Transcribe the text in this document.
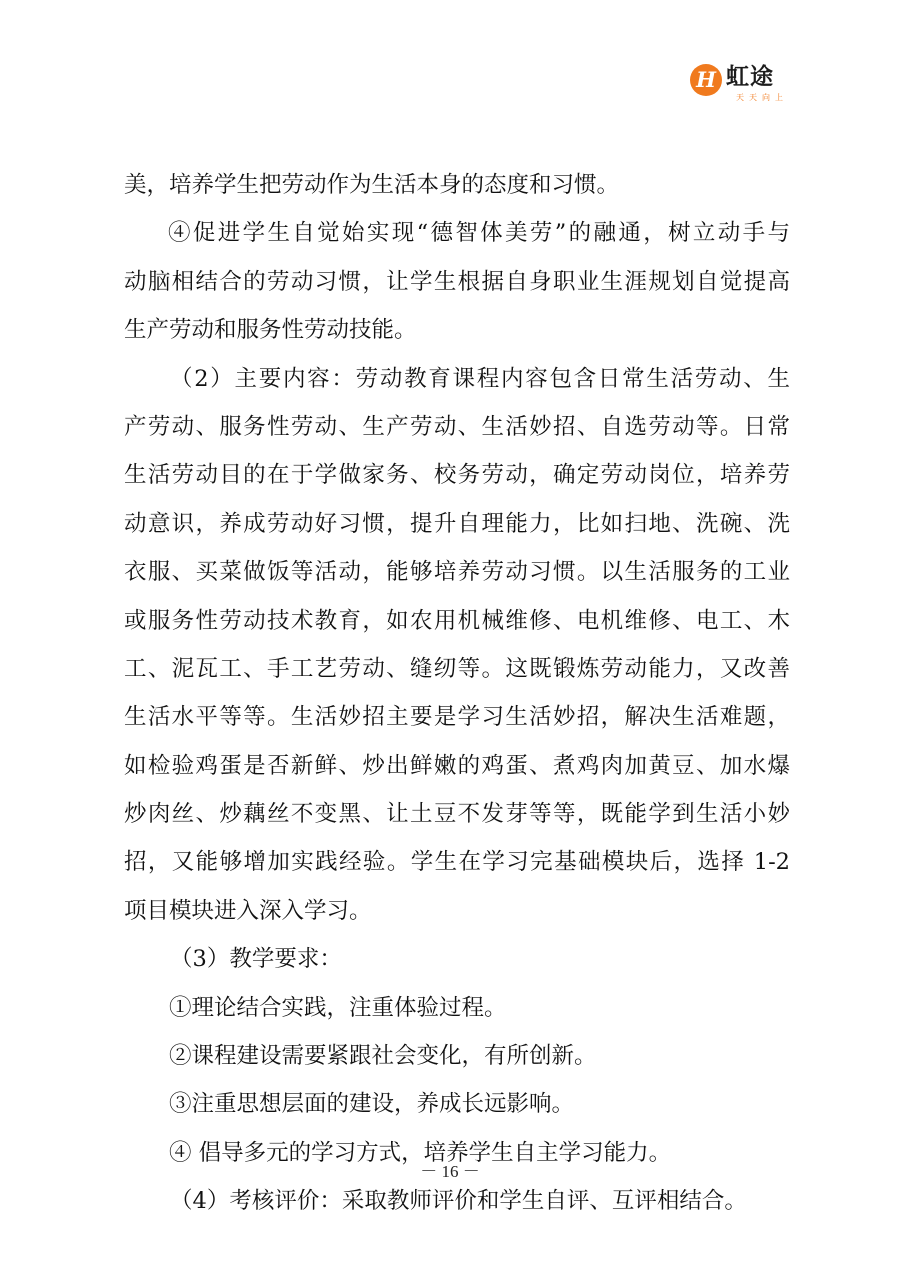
H 虹途
天天向上
美，培养学生把劳动作为生活本身的态度和习惯。
④促进学生自觉始实现“德智体美劳”的融通，树立动手与
动脑相结合的劳动习惯，让学生根据自身职业生涯规划自觉提高
生产劳动和服务性劳动技能。
（2）主要内容：劳动教育课程内容包含日常生活劳动、生
产劳动、服务性劳动、生产劳动、生活妙招、自选劳动等。日常
生活劳动目的在于学做家务、校务劳动，确定劳动岗位，培养劳
动意识，养成劳动好习惯，提升自理能力，比如扫地、洗碗、洗
衣服、买菜做饭等活动，能够培养劳动习惯。以生活服务的工业
或服务性劳动技术教育，如农用机械维修、电机维修、电工、木
工、泥瓦工、手工艺劳动、缝纫等。这既锻炼劳动能力，又改善
生活水平等等。生活妙招主要是学习生活妙招，解决生活难题，
如检验鸡蛋是否新鲜、炒出鲜嫩的鸡蛋、煮鸡肉加黄豆、加水爆
炒肉丝、炒藕丝不变黑、让土豆不发芽等等，既能学到生活小妙
招，又能够增加实践经验。学生在学习完基础模块后，选择 1-2
项目模块进入深入学习。
（3）教学要求：
①理论结合实践，注重体验过程。
②课程建设需要紧跟社会变化，有所创新。
③注重思想层面的建设，养成长远影响。
④ 倡导多元的学习方式，培养学生自主学习能力。
（4）考核评价：采取教师评价和学生自评、互评相结合。
－ 16 －
